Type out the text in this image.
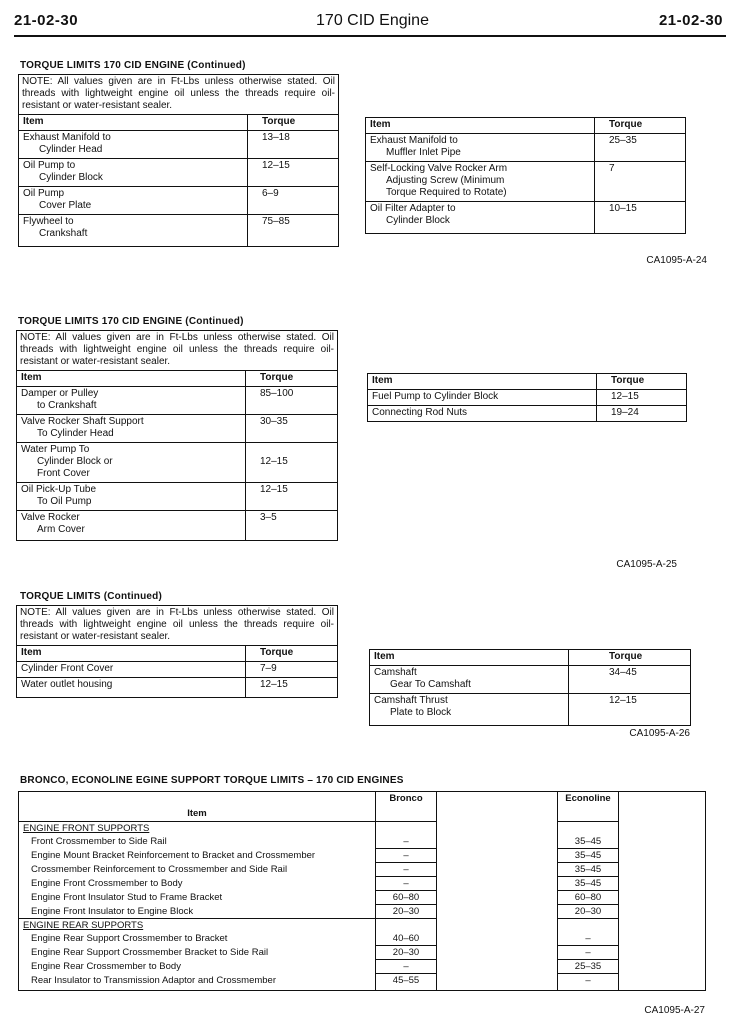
21-02-30	170 CID Engine	21-02-30
TORQUE LIMITS 170 CID ENGINE (Continued)
NOTE: All values given are in Ft-Lbs unless otherwise stated. Oil threads with lightweight engine oil unless the threads require oil-resistant or water-resistant sealer.	
Item	Torque
Exhaust Manifold to
Cylinder Head	13–18
Oil Pump to
Cylinder Block	12–15
Oil Pump
Cover Plate	6–9
Flywheel to
Crankshaft	75–85
Item	Torque
Exhaust Manifold to
Muffler Inlet Pipe	25–35
Self-Locking Valve Rocker Arm
Adjusting Screw (Minimum
Torque Required to Rotate)	7
Oil Filter Adapter to
Cylinder Block	10–15
CA1095-A-24
TORQUE LIMITS 170 CID ENGINE (Continued)
NOTE: All values given are in Ft-Lbs unless otherwise stated. Oil threads with lightweight engine oil unless the threads require oil-resistant or water-resistant sealer.	
Item	Torque
Damper or Pulley
to Crankshaft	85–100
Valve Rocker Shaft Support
To Cylinder Head	30–35
Water Pump To
Cylinder Block or
Front Cover	12–15
Oil Pick-Up Tube
To Oil Pump	12–15
Valve Rocker
Arm Cover	3–5
Item	Torque
Fuel Pump to Cylinder Block	12–15
Connecting Rod Nuts	19–24
CA1095-A-25
TORQUE LIMITS (Continued)
NOTE: All values given are in Ft-Lbs unless otherwise stated. Oil threads with lightweight engine oil unless the threads require oil-resistant or water-resistant sealer.	
Item	Torque
Cylinder Front Cover	7–9
Water outlet housing	12–15
Item	Torque
Camshaft
Gear To Camshaft	34–45
Camshaft Thrust
Plate to Block	12–15
CA1095-A-26
BRONCO, ECONOLINE EGINE SUPPORT TORQUE LIMITS – 170 CID ENGINES
Item	Bronco		Econoline	
ENGINE FRONT SUPPORTS				
Front Crossmember to Side Rail	–		35–45	
Engine Mount Bracket Reinforcement to Bracket and Crossmember	–		35–45	
Crossmember Reinforcement to Crossmember and Side Rail	–		35–45	
Engine Front Crossmember to Body	–		35–45	
Engine Front Insulator Stud to Frame Bracket	60–80		60–80	
Engine Front Insulator to Engine Block	20–30		20–30	
ENGINE REAR SUPPORTS				
Engine Rear Support Crossmember to Bracket	40–60		–	
Engine Rear Support Crossmember Bracket to Side Rail	20–30		–	
Engine Rear Crossmember to Body	–		25–35	
Rear Insulator to Transmission Adaptor and Crossmember	45–55		–	
CA1095-A-27
